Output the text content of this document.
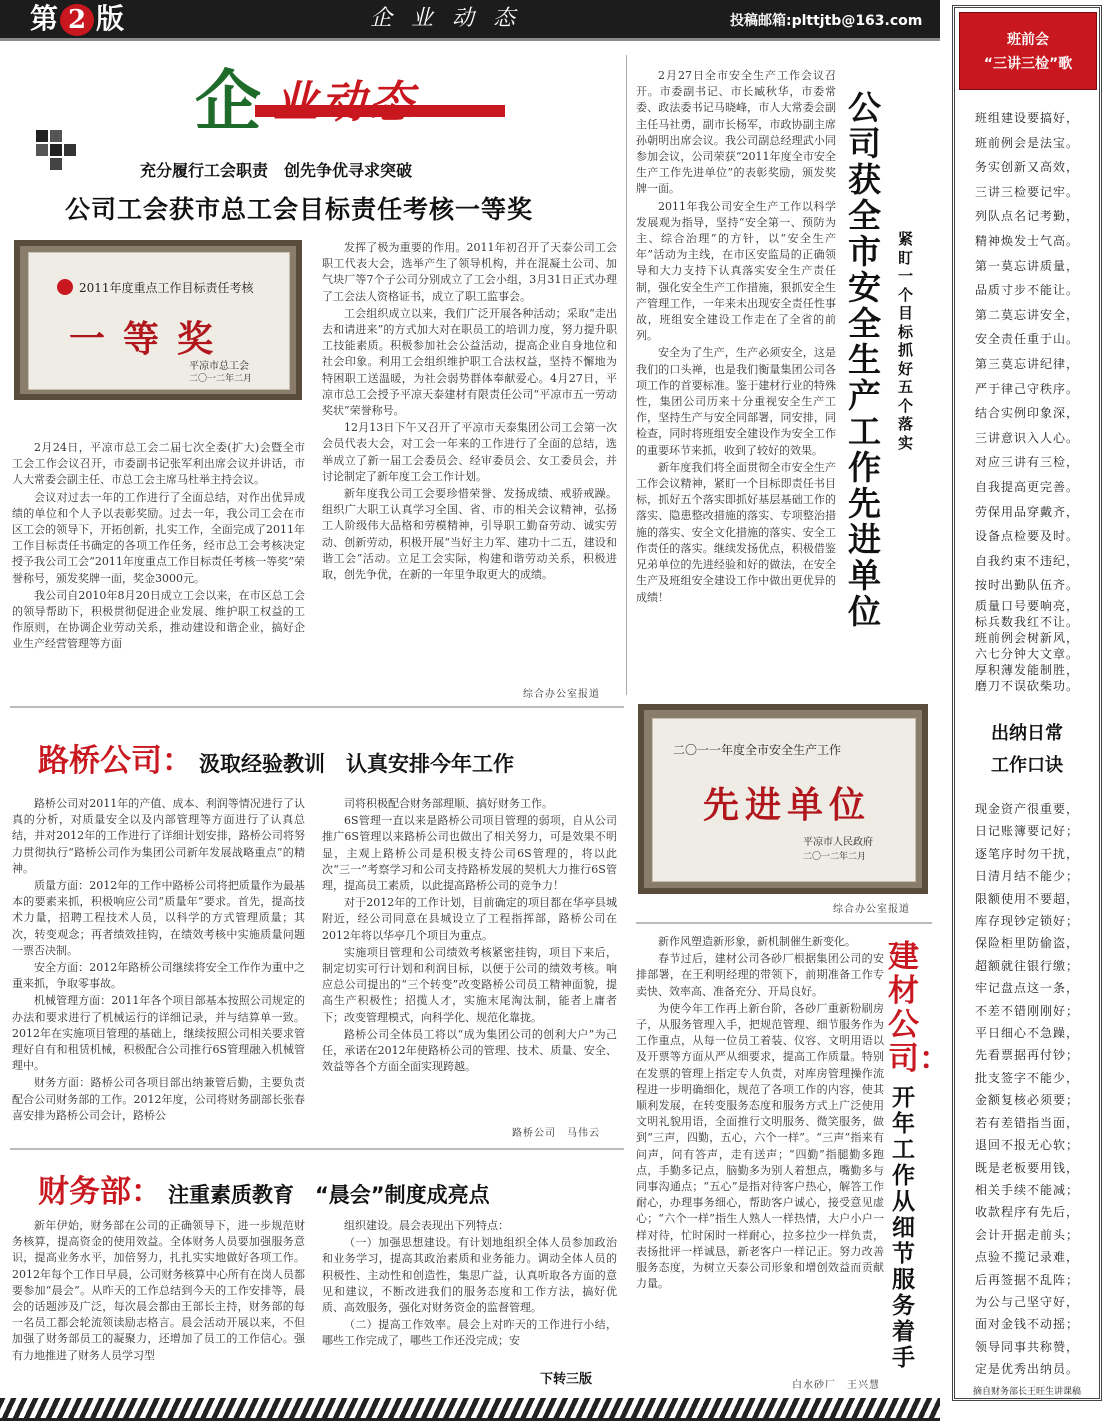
第 2 版	企 业 动 态	投稿邮箱:plttjtb@163.com
企 业动态
充分履行工会职责　创先争优寻求突破
公司工会获市总工会目标责任考核一等奖
2011年度重点工作目标责任考核
一等奖
平凉市总工会
二〇一二年二月

2月24日，平凉市总工会二届七次全委(扩大)会暨全市工会工作会议召开，市委副书记张军利出席会议并讲话，市人大常委会副主任、市总工会主席马杜举主持会议。

会议对过去一年的工作进行了全面总结，对作出优异成绩的单位和个人予以表彰奖励。过去一年，我公司工会在市区工会的领导下，开拓创新，扎实工作，全面完成了2011年工作目标责任书确定的各项工作任务，经市总工会考核决定授予我公司工会“2011年度重点工作目标责任考核一等奖”荣誉称号，颁发奖牌一面，奖金3000元。

我公司自2010年8月20日成立工会以来，在市区总工会的领导帮助下，积极贯彻促进企业发展、维护职工权益的工作原则，在协调企业劳动关系，推动建设和谐企业，搞好企业生产经营管理等方面

发挥了极为重要的作用。2011年初召开了天泰公司工会职工代表大会，选举产生了领导机构，并在混凝土公司、加气块厂等7个子公司分别成立了工会小组，3月31日正式办理了工会法人资格证书，成立了职工监事会。

工会组织成立以来，我们广泛开展各种活动；采取“走出去和请进来”的方式加大对在职员工的培训力度，努力提升职工技能素质。积极参加社会公益活动，提高企业自身地位和社会印象。利用工会组织维护职工合法权益，坚持不懈地为特困职工送温暖，为社会弱势群体奉献爱心。4月27日，平凉市总工会授予平凉天泰建材有限责任公司“平凉市五一劳动奖状”荣誉称号。

12月13日下午又召开了平凉市天泰集团公司工会第一次会员代表大会，对工会一年来的工作进行了全面的总结，选举成立了新一届工会委员会、经审委员会、女工委员会，并讨论制定了新年度工会工作计划。

新年度我公司工会要珍惜荣誉、发扬成绩、戒骄戒躁。组织广大职工认真学习全国、省、市的相关会议精神，弘扬工人阶级伟大品格和劳模精神，引导职工勤奋劳动、诚实劳动、创新劳动，积极开展“当好主力军、建功十二五，建设和谐工会”活动。立足工会实际，构建和谐劳动关系，积极进取，创先争优，在新的一年里争取更大的成绩。

综合办公室报道

2月27日全市安全生产工作会议召开。市委副书记、市长臧秋华，市委常委、政法委书记马晓峰，市人大常委会副主任马社勇，副市长杨军，市政协副主席孙朝明出席会议。我公司副总经理武小同参加会议，公司荣获“2011年度全市安全生产工作先进单位”的表彰奖励，颁发奖牌一面。

2011年我公司安全生产工作以科学发展观为指导，坚持“安全第一、预防为主、综合治理”的方针，以“安全生产年”活动为主线，在市区安监局的正确领导和大力支持下认真落实安全生产责任制，强化安全生产工作措施，狠抓安全生产管理工作，一年来未出现安全责任性事故，班组安全建设工作走在了全省的前列。

安全为了生产，生产必须安全，这是我们的口头禅，也是我们衡量集团公司各项工作的首要标准。鉴于建材行业的特殊性，集团公司历来十分重视安全生产工作，坚持生产与安全同部署，同安排，同检查，同时将班组安全建设作为安全工作的重要环节来抓，收到了较好的效果。

新年度我们将全面贯彻全市安全生产工作会议精神，紧盯一个目标即责任书目标，抓好五个落实即抓好基层基础工作的落实、隐患整改措施的落实、专项整治措施的落实、安全文化措施的落实、安全工作责任的落实。继续发扬优点，积极借鉴兄弟单位的先进经验和好的做法，在安全生产及班组安全建设工作中做出更优异的成绩！

公司获全市安全生产工作先进单位
紧盯一个目标　抓好五个落实
二〇一一年度全市安全生产工作
先进单位
平凉市人民政府
二〇一二年二月
综合办公室报道
路桥公司： 汲取经验教训　认真安排今年工作

路桥公司对2011年的产值、成本、利润等情况进行了认真的分析，对质量安全以及内部管理等方面进行了认真总结，并对2012年的工作进行了详细计划安排，路桥公司将努力贯彻执行“路桥公司作为集团公司新年发展战略重点”的精神。

质量方面：2012年的工作中路桥公司将把质量作为最基本的要素来抓，积极响应公司“质量年”要求。首先，提高技术力量，招聘工程技术人员，以科学的方式管理质量；其次，转变观念；再者绩效挂钩，在绩效考核中实施质量问题一票否决制。

安全方面：2012年路桥公司继续将安全工作作为重中之重来抓，争取零事故。

机械管理方面：2011年各个项目部基本按照公司规定的办法和要求进行了机械运行的详细记录，并与结算单一致。2012年在实施项目管理的基础上，继续按照公司相关要求管理好自有和租赁机械，积极配合公司推行6S管理融入机械管理中。

财务方面：路桥公司各项目部出纳兼管后勤，主要负责配合公司财务部的工作。2012年度，公司将财务副部长张春喜安排为路桥公司会计，路桥公

司将积极配合财务部理顺、搞好财务工作。

6S管理一直以来是路桥公司项目管理的弱项，自从公司推广6S管理以来路桥公司也做出了相关努力，可是效果不明显，主观上路桥公司是积极支持公司6S管理的，将以此次“三一”考察学习和公司支持路桥发展的契机大力推行6S管理，提高员工素质，以此提高路桥公司的竞争力！

对于2012年的工作计划，目前确定的项目都在华亭县城附近，经公司同意在县城设立了工程指挥部，路桥公司在2012年将以华亭几个项目为重点。

实施项目管理和公司绩效考核紧密挂钩，项目下来后，制定切实可行计划和利润目标，以便于公司的绩效考核。响应总公司提出的“三个转变”改变路桥公司员工精神面貌，提高生产积极性；招揽人才，实施末尾淘汰制，能者上庸者下；改变管理模式，向科学化、规范化靠拢。

路桥公司全体员工将以“成为集团公司的创利大户”为己任，承诺在2012年使路桥公司的管理、技术、质量、安全、效益等各个方面全面实现跨越。

路桥公司　马伟云
财务部： 注重素质教育　“晨会”制度成亮点

新年伊始，财务部在公司的正确领导下，进一步规范财务核算，提高资金的使用效益。全体财务人员要加强服务意识，提高业务水平，加倍努力，扎扎实实地做好各项工作。2012年每个工作日早晨，公司财务核算中心所有在岗人员都要参加“晨会”。从昨天的工作总结到今天的工作安排等，晨会的话题涉及广泛，每次晨会都由王部长主持，财务部的每一名员工都会轮流领读励志格言。晨会活动开展以来，不但加强了财务部员工的凝聚力，还增加了员工的工作信心。强有力地推进了财务人员学习型

组织建设。晨会表现出下列特点：

（一）加强思想建设。有计划地组织全体人员参加政治和业务学习，提高其政治素质和业务能力。调动全体人员的积极性、主动性和创造性，集思广益，认真听取各方面的意见和建议，不断改进我们的服务态度和工作方法，搞好优质、高效服务，强化对财务资金的监督管理。

（二）提高工作效率。晨会上对昨天的工作进行小结，哪些工作完成了，哪些工作还没完成；安

下转三版

新作风塑造新形象，新机制催生新变化。

春节过后，建材公司各砂厂根据集团公司的安排部署，在王利明经理的带领下，前期准备工作专卖快、效率高、准备充分、开局良好。

为使今年工作再上新台阶，各砂厂重新粉刷房子，从服务管理入手，把规范管理、细节服务作为工作重点，从每一位员工着装、仪容、文明用语以及开票等方面从严从细要求，提高工作质量。特别在发票的管理上指定专人负责，对库房管理操作流程进一步明确细化，规范了各项工作的内容，使其顺利发展，在转变服务态度和服务方式上广泛使用文明礼貌用语，全面推行文明服务、微笑服务，做到“三声，四勤，五心，六个一样”。“三声”指来有问声，问有答声，走有送声；“四勤”指腿勤多跑点，手勤多记点，脑勤多为别人着想点，嘴勤多与同事沟通点；“五心”是指对待客户热心，解答工作耐心，办理事务细心，帮助客户诚心，接受意见虚心；“六个一样”指生人熟人一样热情，大户小户一样对待，忙时闲时一样耐心，拉多拉少一样负责，表扬批评一样诚恳，新老客户一样记正。努力改善服务态度，为树立天泰公司形象和增创效益而贡献力量。

建材公司：
开年工作从细节服务着手
白水砂厂　王兴慧
班前会
“三讲三检”歌
班组建设要搞好，
班前例会是法宝。
务实创新又高效，
三讲三检要记牢。
列队点名记考勤，
精神焕发士气高。
第一莫忘讲质量，
品质寸步不能让。
第二莫忘讲安全，
安全责任重于山。
第三莫忘讲纪律，
严于律己守秩序。
结合实例印象深，
三讲意识入人心。
对应三讲有三检，
自我提高更完善。
劳保用品穿戴齐，
设备点检要及时。
自我约束不违纪，
按时出勤队伍齐。
出纳日常
工作口诀
现金资产很重要，
日记账簿要记好；
逐笔序时勿干扰，
日清月结不能少；
限额使用不要超，
库存现钞定锁好；
保险柜里防偷盗，
超额就往银行缴；
牢记盘点这一条，
不差不错刚刚好；
平日细心不急躁，
先看票据再付钞；
批支签字不能少，
金额复核必须要；
若有差错指当面，
退回不报无心软；
既是老板要用钱，
相关手续不能减；
收款程序有先后，
会计开据走前头；
点验不揽记录难，
后再签据不乱阵；
为公与己坚守好，
面对金钱不动摇；
领导同事共称赞，
定是优秀出纳员。
摘自财务部长王旺生讲课稿
质量口号要响亮，
标兵数我红不让。
班前例会树新风，
六七分钟大文章。
厚积薄发能制胜，
磨刀不误砍柴功。
